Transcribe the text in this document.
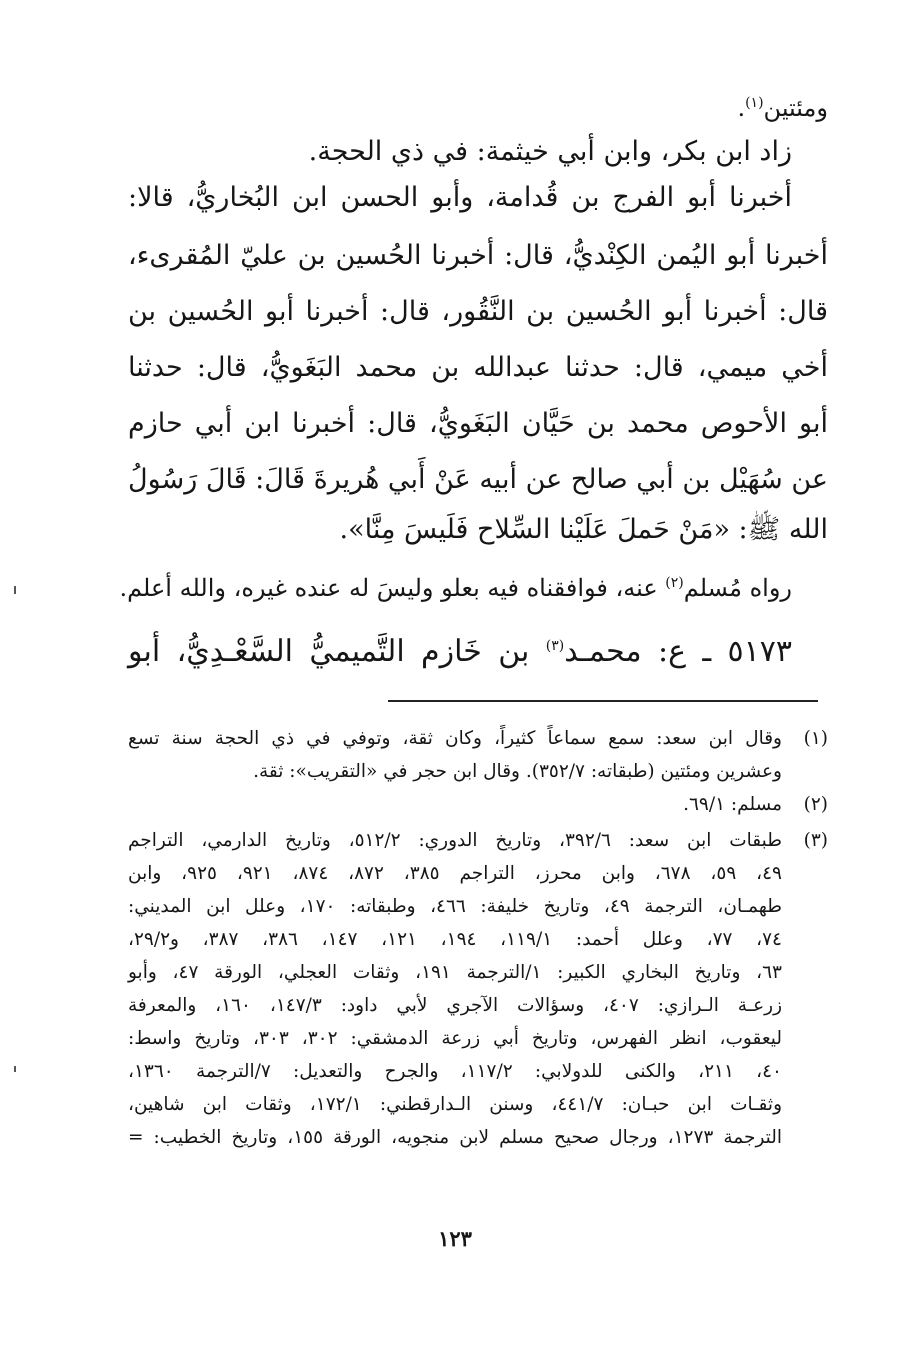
ومئتين$^{(١)}$.
زاد ابن بكر، وابن أبي خيثمة: في ذي الحجة.
أخبرنا أبو الفرج بن قُدامة، وأبو الحسن ابن البُخاريُّ، قالا:
أخبرنا أبو اليُمن الكِنْديُّ، قال: أخبرنا الحُسين بن عليّ المُقرىء،
قال: أخبرنا أبو الحُسين بن النَّقُور، قال: أخبرنا أبو الحُسين بن
أخي ميمي، قال: حدثنا عبدالله بن محمد البَغَويُّ، قال: حدثنا
أبو الأحوص محمد بن حَيَّان البَغَويُّ، قال: أخبرنا ابن أبي حازم
عن سُهَيْل بن أبي صالح عن أبيه عَنْ أَبي هُريرةَ قَالَ: قَالَ رَسُولُ
الله ﷺ: «مَنْ حَملَ عَلَيْنا السِّلاح فَلَيسَ مِنَّا».
رواه مُسلم$^{(٢)}$ عنه، فوافقناه فيه بعلو وليسَ له عنده غيره، والله أعلم.
٥١٧٣ ـ ع: محمـد$^{(٣)}$ بن خَازم التَّميميُّ السَّعْـدِيُّ، أبو
(١)
وقال ابن سعد: سمع سماعاً كثيراً، وكان ثقة، وتوفي في ذي الحجة سنة تسع
وعشرين ومئتين (طبقاته: ٣٥٢/٧). وقال ابن حجر في «التقريب»: ثقة.
(٢)
مسلم: ٦٩/١.
(٣)
طبقات ابن سعد: ٣٩٢/٦، وتاريخ الدوري: ٥١٢/٢، وتاريخ الدارمي، التراجم
٤٩، ٥٩، ٦٧٨، وابن محرز، التراجم ٣٨٥، ٨٧٢، ٨٧٤، ٩٢١، ٩٢٥، وابن
طهمـان، الترجمة ٤٩، وتاريخ خليفة: ٤٦٦، وطبقاته: ١٧٠، وعلل ابن المديني:
٧٤، ٧٧، وعلل أحمد: ١١٩/١، ١٩٤، ١٢١، ١٤٧، ٣٨٦، ٣٨٧، و٢٩/٢،
٦٣، وتاريخ البخاري الكبير: ١/الترجمة ١٩١، وثقات العجلي، الورقة ٤٧، وأبو
زرعـة الـرازي: ٤٠٧، وسؤالات الآجري لأبي داود: ١٤٧/٣، ١٦٠، والمعرفة
ليعقوب، انظر الفهرس، وتاريخ أبي زرعة الدمشقي: ٣٠٢، ٣٠٣، وتاريخ واسط:
٤٠، ٢١١، والكنى للدولابي: ١١٧/٢، والجرح والتعديل: ٧/الترجمة ١٣٦٠،
وثقـات ابن حبـان: ٤٤١/٧، وسنن الـدارقطني: ١٧٢/١، وثقات ابن شاهين،
الترجمة ١٢٧٣، ورجال صحيح مسلم لابن منجويه، الورقة ١٥٥، وتاريخ الخطيب: =
١٢٣
